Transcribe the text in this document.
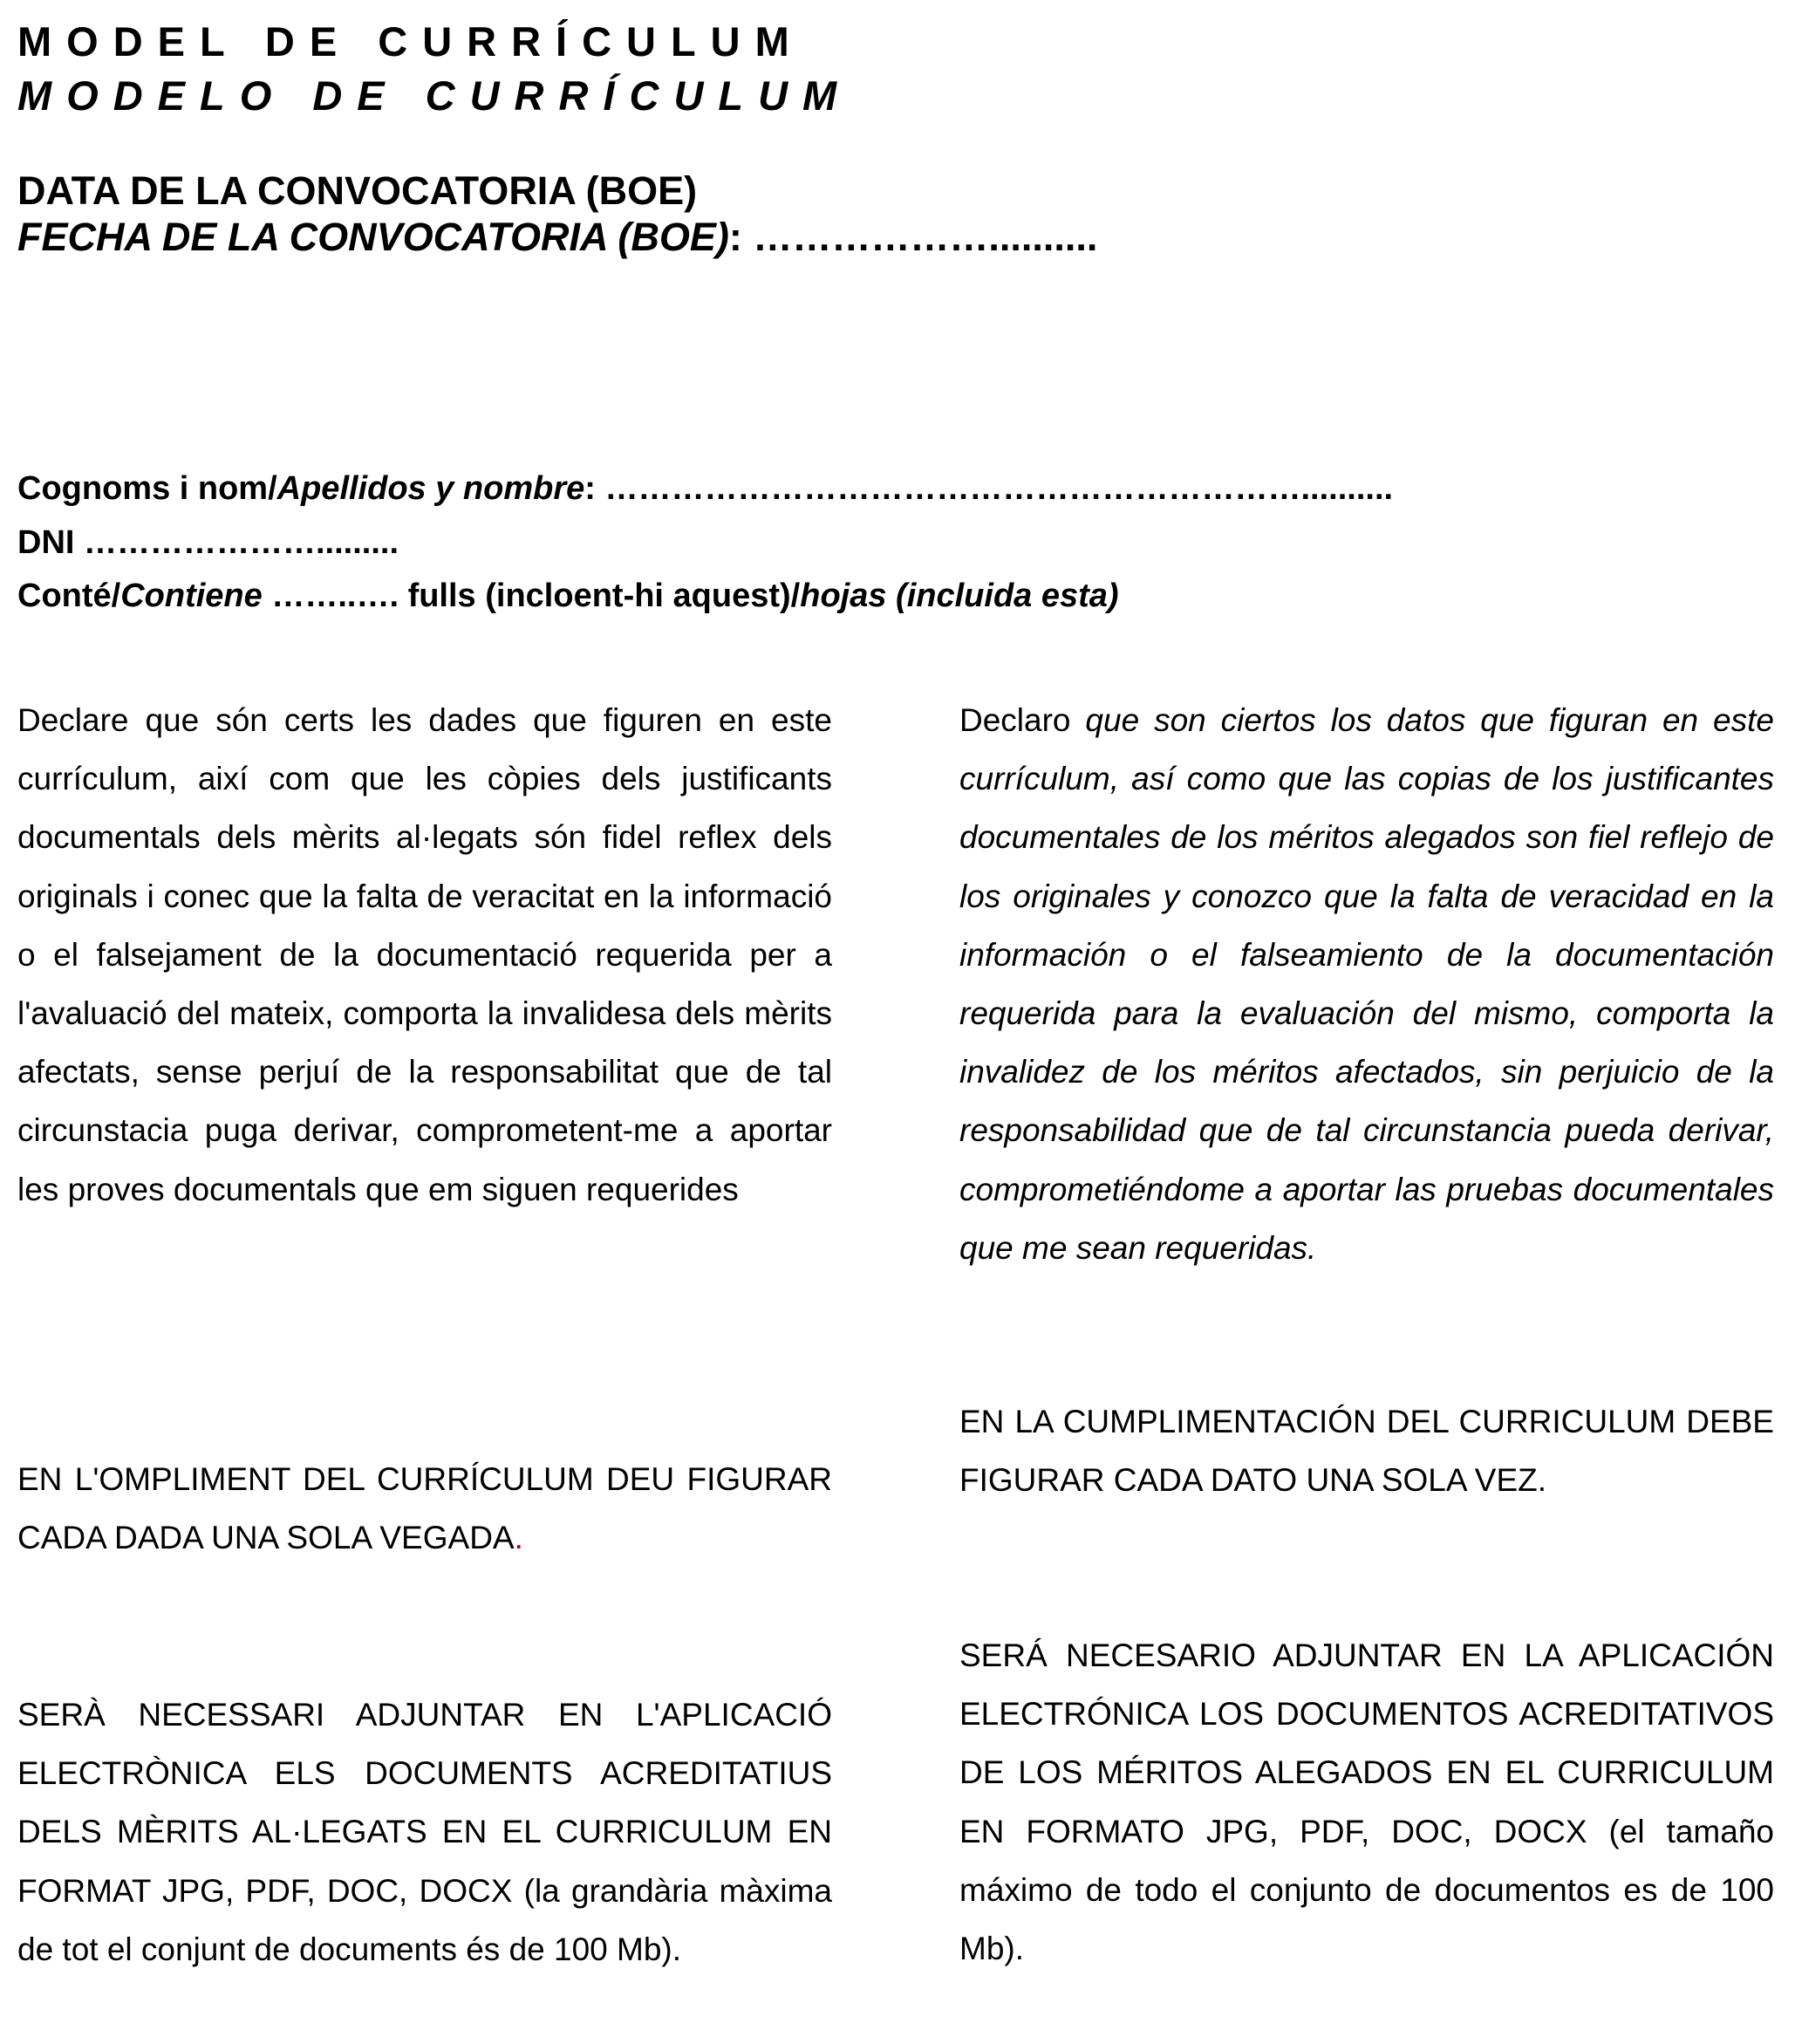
MODEL DE CURRÍCULUM
MODELO DE CURRÍCULUM
DATA DE LA CONVOCATORIA (BOE)
FECHA DE LA CONVOCATORIA (BOE): ………………..........
Cognoms i nom/Apellidos y nombre: ………………………………………………………..........
DNI ………………….........
Conté/Contiene ……..…. fulls (incloent-hi aquest)/hojas (incluida esta)

Declare que són certs les dades que figuren en este currículum, així com que les còpies dels justificants documentals dels mèrits al·legats són fidel reflex dels originals i conec que la falta de veracitat en la informació o el falsejament de la documentació requerida per a l'avaluació del mateix, comporta la invalidesa dels mèrits afectats, sense perjuí de la responsabilitat que de tal circunstacia puga derivar, comprometent-me a aportar les proves documentals que em siguen requerides

Declaro que son ciertos los datos que figuran en este currículum, así como que las copias de los justificantes documentales de los méritos alegados son fiel reflejo de los originales y conozco que la falta de veracidad en la información o el falseamiento de la documentación requerida para la evaluación del mismo, comporta la invalidez de los méritos afectados, sin perjuicio de la responsabilidad que de tal circunstancia pueda derivar, comprometiéndome a aportar las pruebas documentales que me sean requeridas.

EN L'OMPLIMENT DEL CURRÍCULUM DEU FIGURAR CADA DADA UNA SOLA VEGADA.

EN LA CUMPLIMENTACIÓN DEL CURRICULUM DEBE FIGURAR CADA DATO UNA SOLA VEZ.

SERÀ NECESSARI ADJUNTAR EN L'APLICACIÓ ELECTRÒNICA ELS DOCUMENTS ACREDITATIUS DELS MÈRITS AL·LEGATS EN EL CURRICULUM EN FORMAT JPG, PDF, DOC, DOCX (la grandària màxima de tot el conjunt de documents és de 100 Mb).

SERÁ NECESARIO ADJUNTAR EN LA APLICACIÓN ELECTRÓNICA LOS DOCUMENTOS ACREDITATIVOS DE LOS MÉRITOS ALEGADOS EN EL CURRICULUM EN FORMATO JPG, PDF, DOC, DOCX (el tamaño máximo de todo el conjunto de documentos es de 100 Mb).
